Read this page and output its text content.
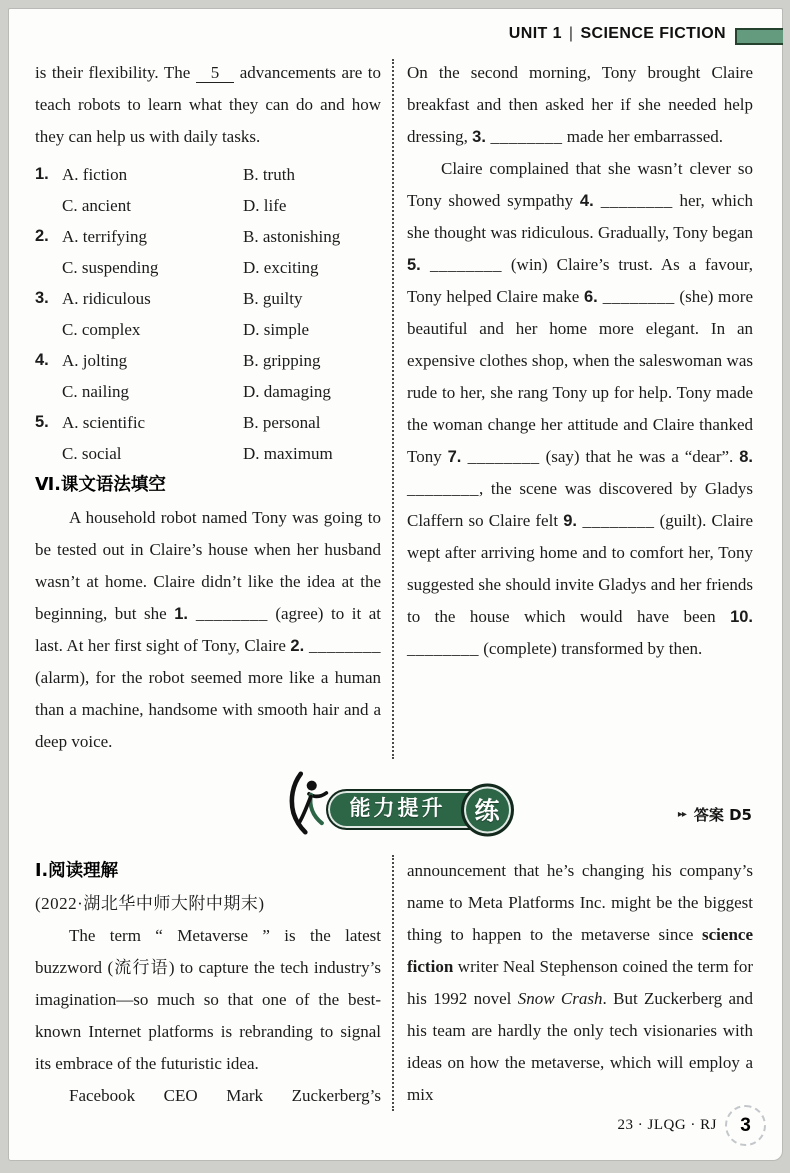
UNIT 1 | SCIENCE FICTION

is their flexibility. The 5 advancements are to teach robots to learn what they can do and how they can help us with daily tasks.

1. A. fiction	B. truth
C. ancient	D. life
2. A. terrifying	B. astonishing
C. suspending	D. exciting
3. A. ridiculous	B. guilty
C. complex	D. simple
4. A. jolting	B. gripping
C. nailing	D. damaging
5. A. scientific	B. personal
C. social	D. maximum
Ⅵ.课文语法填空

A household robot named Tony was going to be tested out in Claire’s house when her husband wasn’t at home. Claire didn’t like the idea at the beginning, but she 1. ________ (agree) to it at last. At her first sight of Tony, Claire 2. ________ (alarm), for the robot seemed more like a human than a machine, handsome with smooth hair and a deep voice.

On the second morning, Tony brought Claire breakfast and then asked her if she needed help dressing, 3. ________ made her embarrassed.

Claire complained that she wasn’t clever so Tony showed sympathy 4. ________ her, which she thought was ridiculous. Gradually, Tony began 5. ________ (win) Claire’s trust. As a favour, Tony helped Claire make 6. ________ (she) more beautiful and her home more elegant. In an expensive clothes shop, when the saleswoman was rude to her, she rang Tony up for help. Tony made the woman change her attitude and Claire thanked Tony 7. ________ (say) that he was a “dear”. 8. ________, the scene was discovered by Gladys Claffern so Claire felt 9. ________ (guilt). Claire wept after arriving home and to comfort her, Tony suggested she should invite Gladys and her friends to the house which would have been 10. ________ (complete) transformed by then.

能力提升	练	▸▸ 答案 D5
Ⅰ.阅读理解
(2022·湖北华中师大附中期末)

The term “ Metaverse ” is the latest buzzword (流行语) to capture the tech industry’s imagination—so much so that one of the best-known Internet platforms is rebranding to signal its embrace of the futuristic idea.

Facebook CEO Mark Zuckerberg’s

announcement that he’s changing his company’s name to Meta Platforms Inc. might be the biggest thing to happen to the metaverse since science fiction writer Neal Stephenson coined the term for his 1992 novel Snow Crash. But Zuckerberg and his team are hardly the only tech visionaries with ideas on how the metaverse, which will employ a mix

23 · JLQG · RJ 3
